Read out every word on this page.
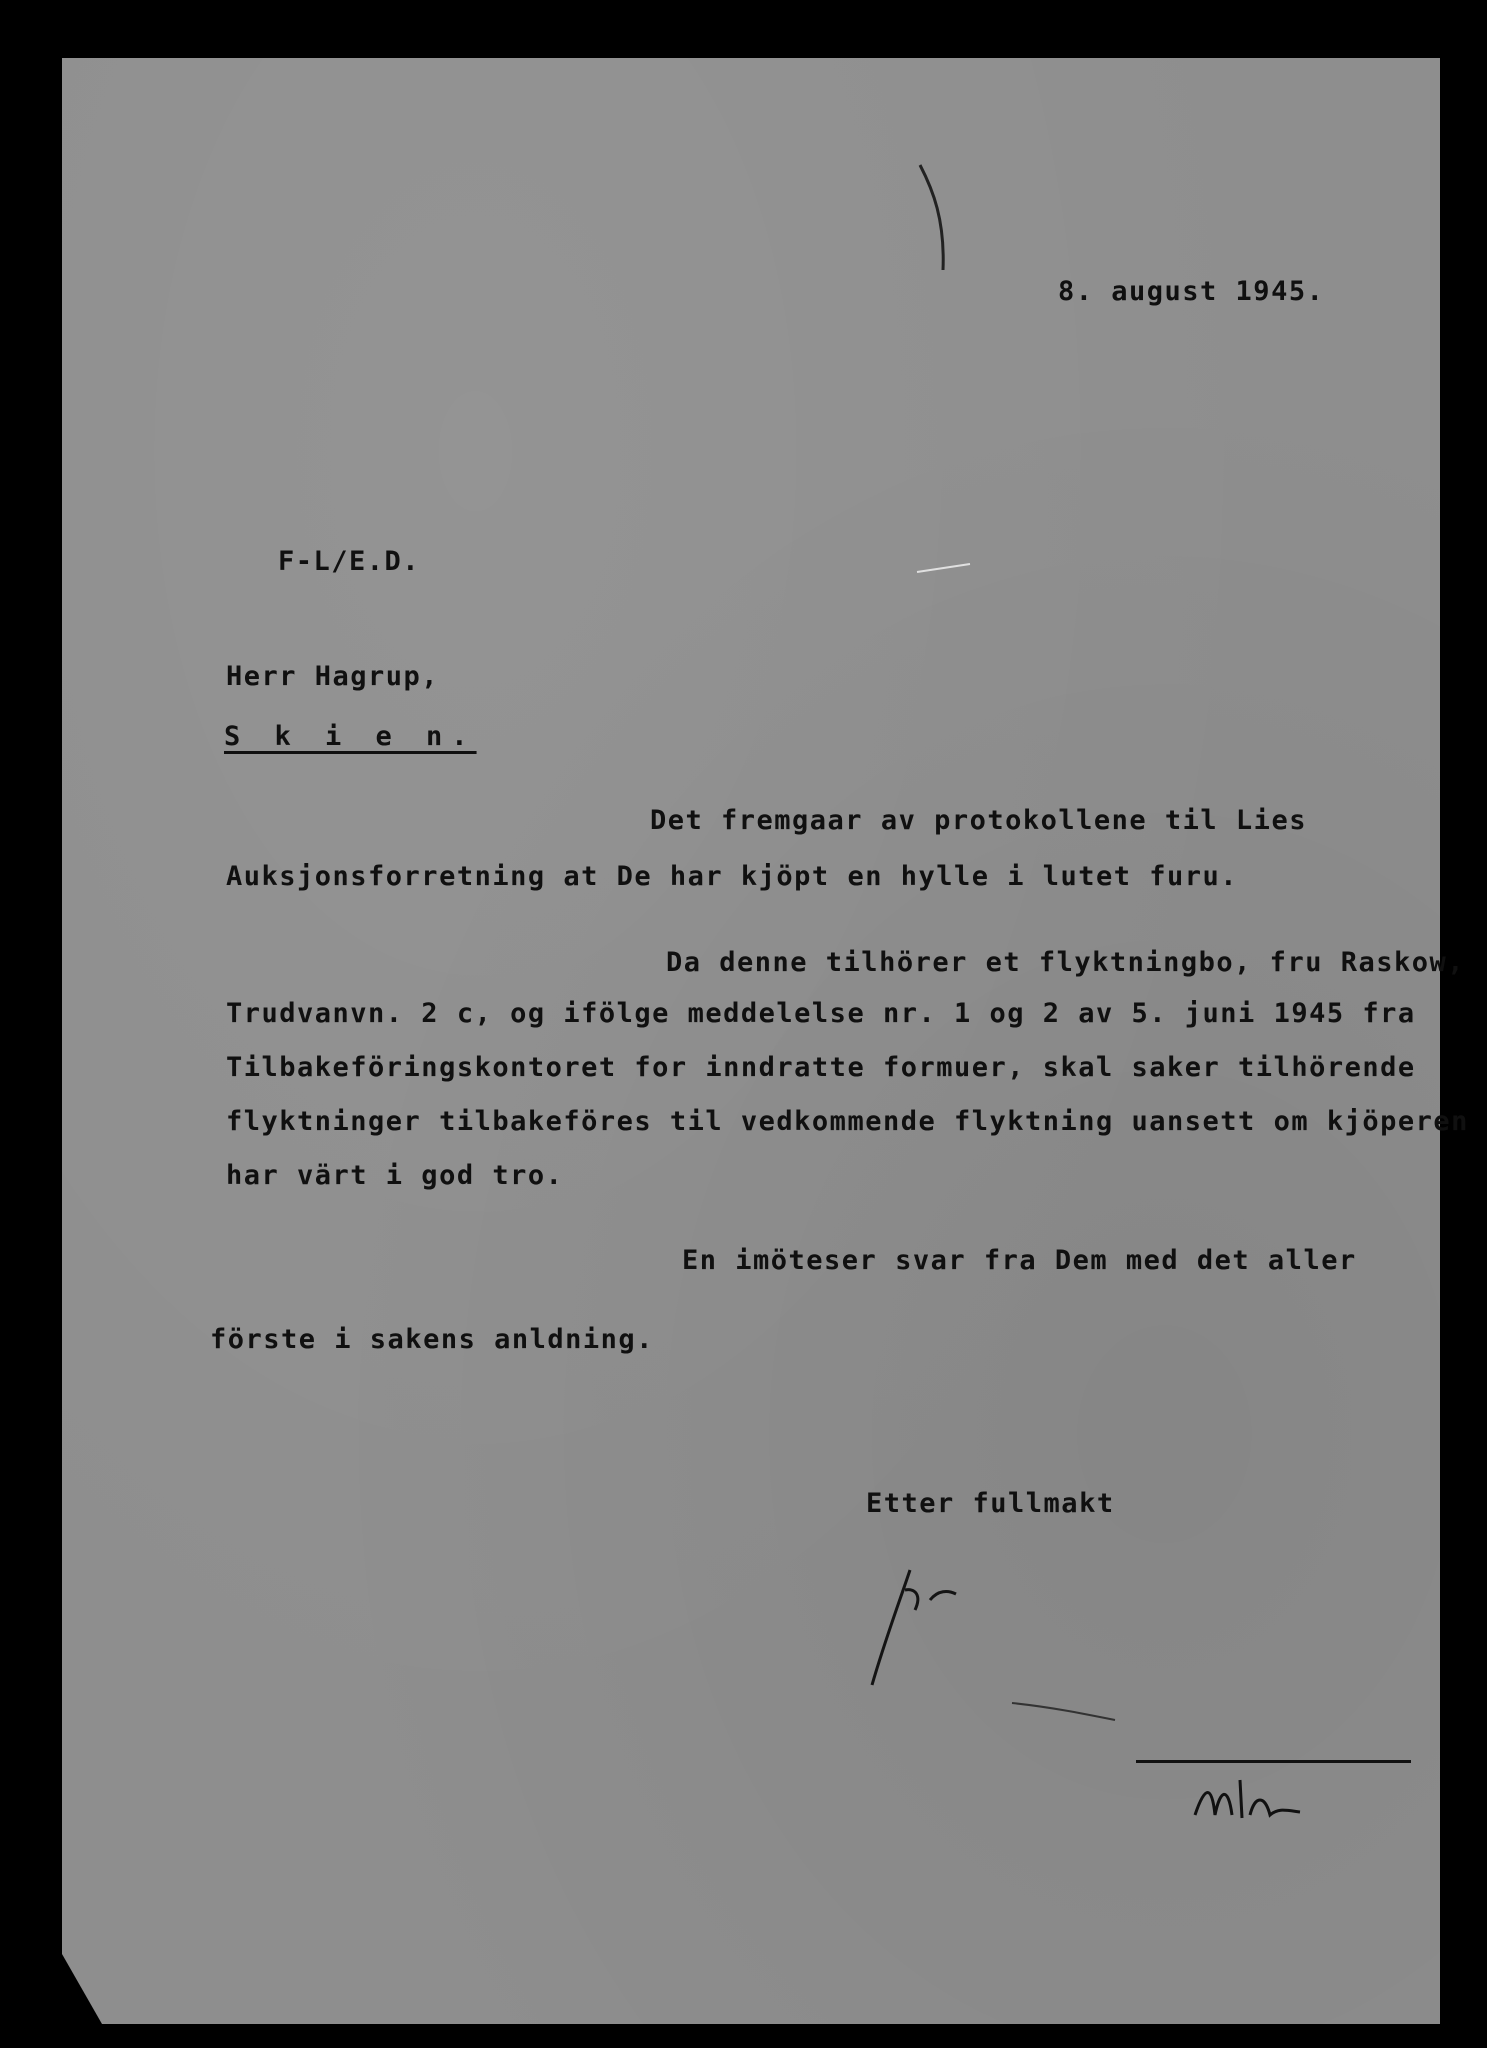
8. august 1945.
F-L/E.D.
Herr Hagrup,
S k i e n.
Det fremgaar av protokollene til Lies
Auksjonsforretning at De har kjöpt en hylle i lutet furu.
Da denne tilhörer et flyktningbo, fru Raskow,
Trudvanvn. 2 c, og ifölge meddelelse nr. 1 og 2 av 5. juni 1945 fra
Tilbakeföringskontoret for inndratte formuer, skal saker tilhörende
flyktninger tilbakeföres til vedkommende flyktning uansett om kjöperen
har värt i god tro.
En imöteser svar fra Dem med det aller
förste i sakens anldning.
Etter fullmakt
